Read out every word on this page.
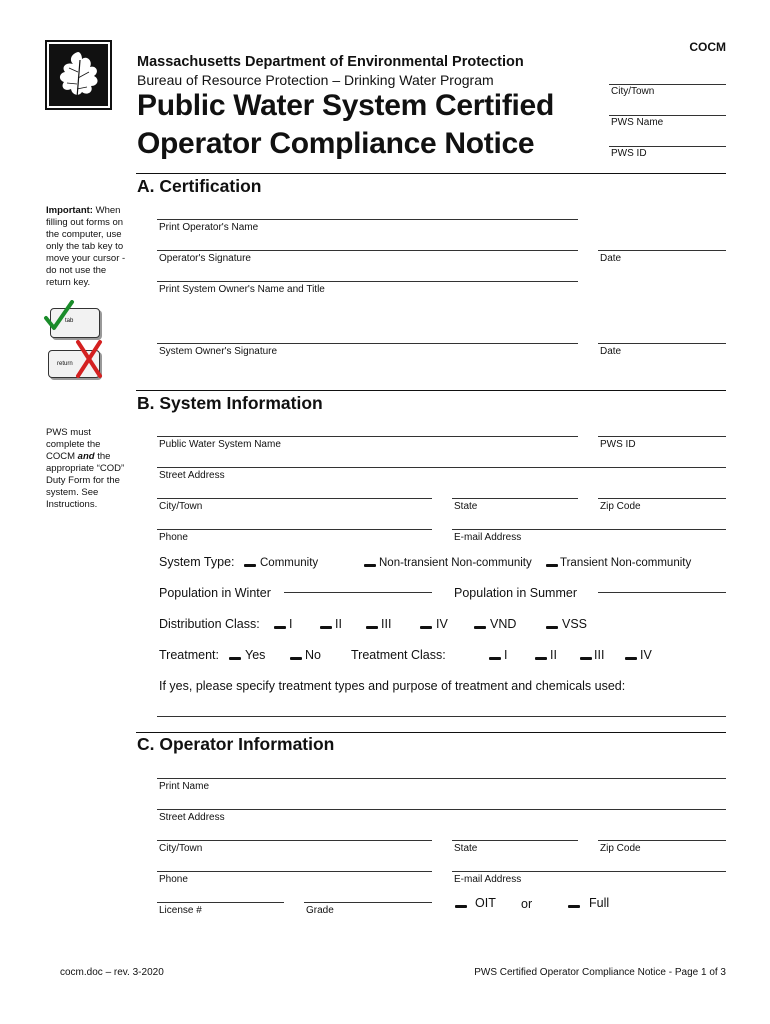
COCM
Massachusetts Department of Environmental Protection
Bureau of Resource Protection – Drinking Water Program
Public Water System Certified
Operator Compliance Notice
City/Town
PWS Name
PWS ID
A. Certification
Important: When filling out forms on the computer, use only the tab key to move your cursor - do not use the return key.
tab
return
Print Operator's Name
Operator's Signature	Date
Print System Owner's Name and Title
System Owner's Signature	Date
B. System Information
PWS must complete the COCM and the appropriate “COD” Duty Form for the system. See Instructions.
Public Water System Name	PWS ID
Street Address
City/Town	State	Zip Code
Phone	E-mail Address
System Type: Community	Non-transient Non-community Transient Non-community
Population in Winter	Population in Summer
Distribution Class: I	II	III	IV	VND	VSS
Treatment: Yes	No Treatment Class:	I	II	III	IV
If yes, please specify treatment types and purpose of treatment and chemicals used:
C. Operator Information
Print Name
Street Address
City/Town	State	Zip Code
Phone	E-mail Address
License #	Grade
OIT or	Full
cocm.doc – rev. 3-2020	PWS Certified Operator Compliance Notice - Page 1 of 3
